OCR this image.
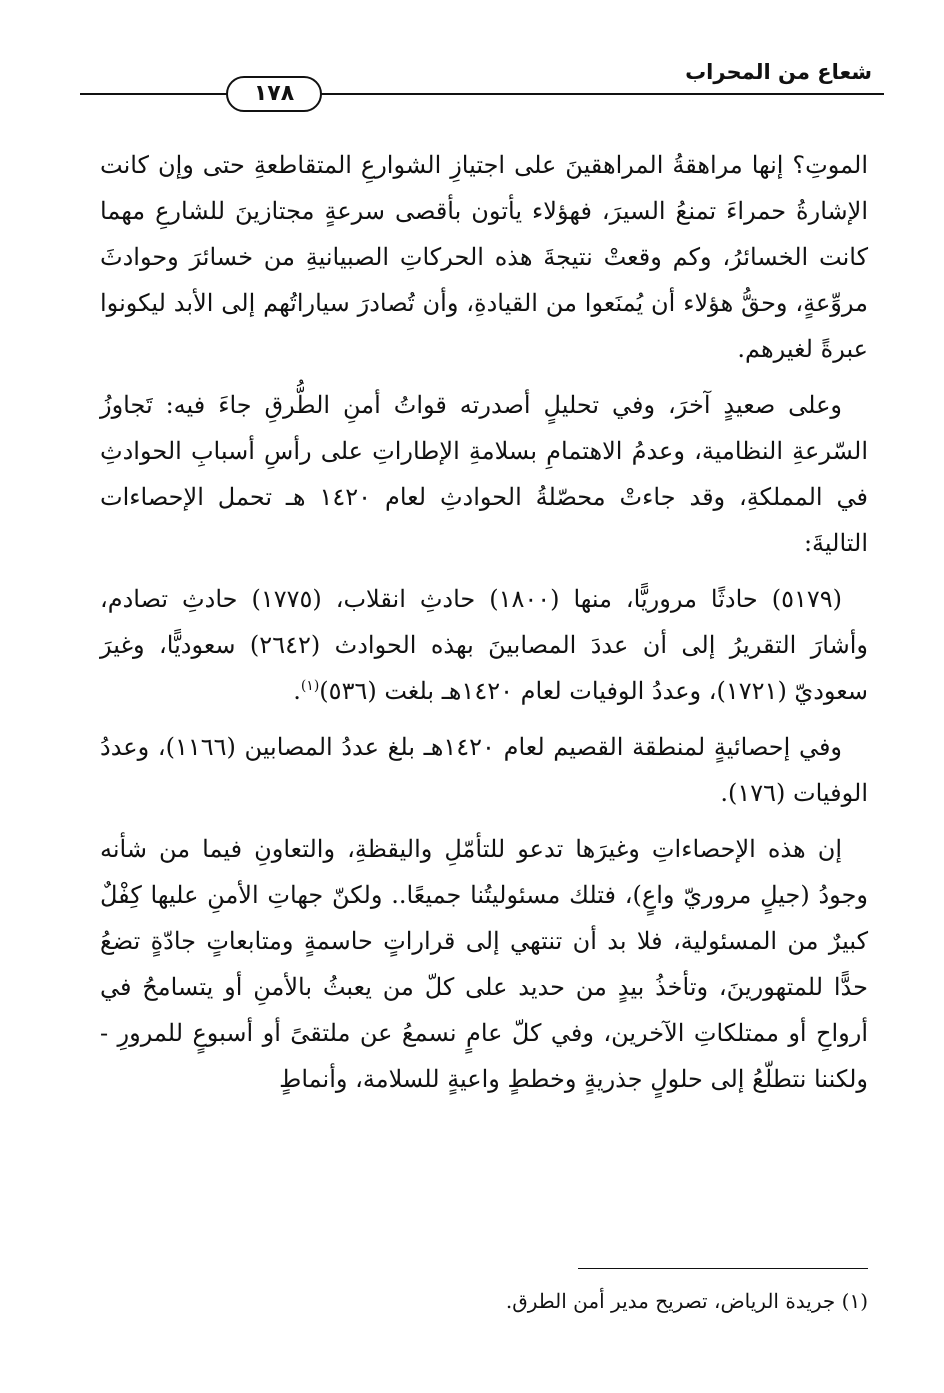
شعاع من المحراب
١٧٨

الموتِ؟ إنها مراهقةُ المراهقينَ على اجتيازِ الشوارعِ المتقاطعةِ حتى وإن كانت الإشارةُ حمراءَ تمنعُ السيرَ، فهؤلاء يأتون بأقصى سرعةٍ مجتازينَ للشارعِ مهما كانت الخسائرُ، وكم وقعتْ نتيجةَ هذه الحركاتِ الصبيانيةِ من خسائرَ وحوادثَ مروِّعةٍ، وحقُّ هؤلاء أن يُمنَعوا من القيادةِ، وأن تُصادرَ سياراتُهم إلى الأبد ليكونوا عبرةً لغيرهم.

وعلى صعيدٍ آخرَ، وفي تحليلٍ أصدرته قواتُ أمنِ الطُّرقِ جاءَ فيه: تَجاوزُ السّرعةِ النظامية، وعدمُ الاهتمامِ بسلامةِ الإطاراتِ على رأسِ أسبابِ الحوادثِ في المملكةِ، وقد جاءتْ محصّلةُ الحوادثِ لعام ١٤٢٠ هـ تحمل الإحصاءات التاليةَ:

(٥١٧٩) حادثًا مروريًّا، منها (١٨٠٠) حادثِ انقلاب، (١٧٧٥) حادثِ تصادم، وأشارَ التقريرُ إلى أن عددَ المصابينَ بهذه الحوادث (٢٦٤٢) سعوديًّا، وغيرَ سعوديّ (١٧٢١)، وعددُ الوفيات لعام ١٤٢٠هـ بلغت (٥٣٦)$^{(١)}$.

وفي إحصائيةٍ لمنطقة القصيم لعام ١٤٢٠هـ بلغ عددُ المصابين (١١٦٦)، وعددُ الوفيات (١٧٦).

إن هذه الإحصاءاتِ وغيرَها تدعو للتأمّلِ واليقظةِ، والتعاونِ فيما من شأنه وجودُ (جيلٍ مروريّ واعٍ)، فتلك مسئوليتُنا جميعًا.. ولكنّ جهاتِ الأمنِ عليها كِفْلٌ كبيرٌ من المسئولية، فلا بد أن تنتهي إلى قراراتٍ حاسمةٍ ومتابعاتٍ جادّةٍ تضعُ حدًّا للمتهورينَ، وتأخذُ بيدٍ من حديد على كلّ من يعبثُ بالأمنِ أو يتسامحُ في أرواحِ أو ممتلكاتِ الآخرين، وفي كلّ عامٍ نسمعُ عن ملتقىً أو أسبوعٍ للمرورِ - ولكننا نتطلّعُ إلى حلولٍ جذريةٍ وخططٍ واعيةٍ للسلامة، وأنماطٍ

(١) جريدة الرياض، تصريح مدير أمن الطرق.
